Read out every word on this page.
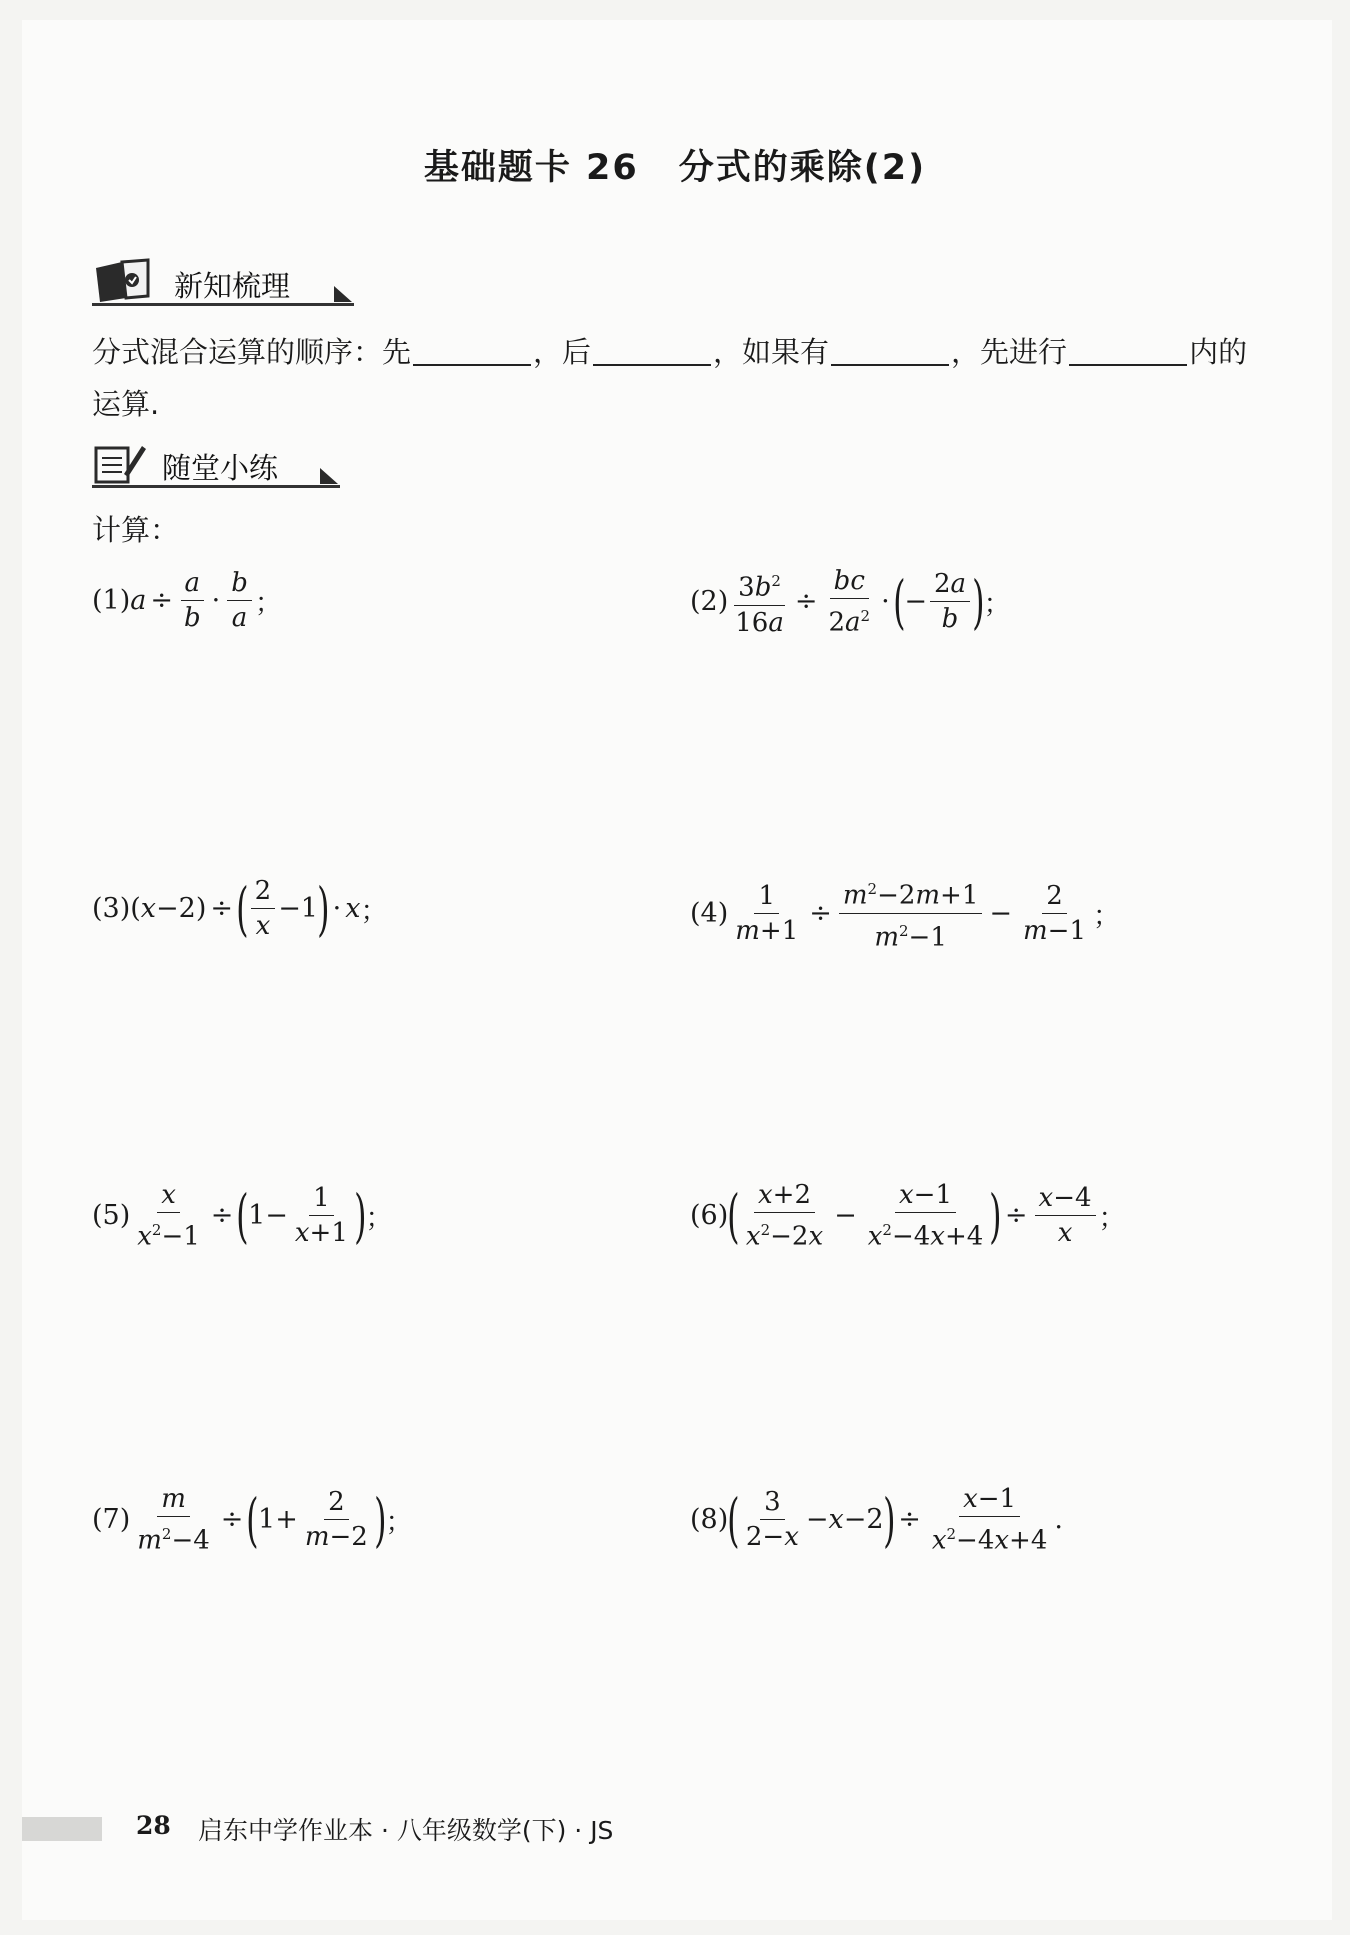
基础题卡 26 分式的乘除(2)
新知梳理
分式混合运算的顺序：先	，后	，如果有	，先进行	内的
运算.
随堂小练
计算：
(1) $a \div \frac{a}{b} \cdot \frac{b}{a}$ ；	$(2) \frac{3b^2}{16a} \div \frac{bc}{2a^2}$ · ( − $\frac{2a}{b}$ ) ；
(3) (x−2) ÷ ( $\frac{2}{x} -1$ ) · x ；	$(4) \frac{1}{m+1} \div \frac{m^2-2m+1}{m^2-1} - \frac{2}{m-1}$ ；
$(5) \frac{x}{x^2-1}$ ÷ ( $1- \frac{1}{x+1}$ ) ；	(6) ( $\frac{x+2}{x^2-2x} - \frac{x-1}{x^2-4x+4}$ ) ÷ $\frac{x-4}{x}$ ；
$(7) \frac{m}{m^2-4}$ ÷ ( $1+ \frac{2}{m-2}$ ) ；	(8) ( $\frac{3}{2-x} -x-2$ ) ÷ $\frac{x-1}{x^2-4x+4}$ .
28 启东中学作业本 · 八年级数学(下) · JS
